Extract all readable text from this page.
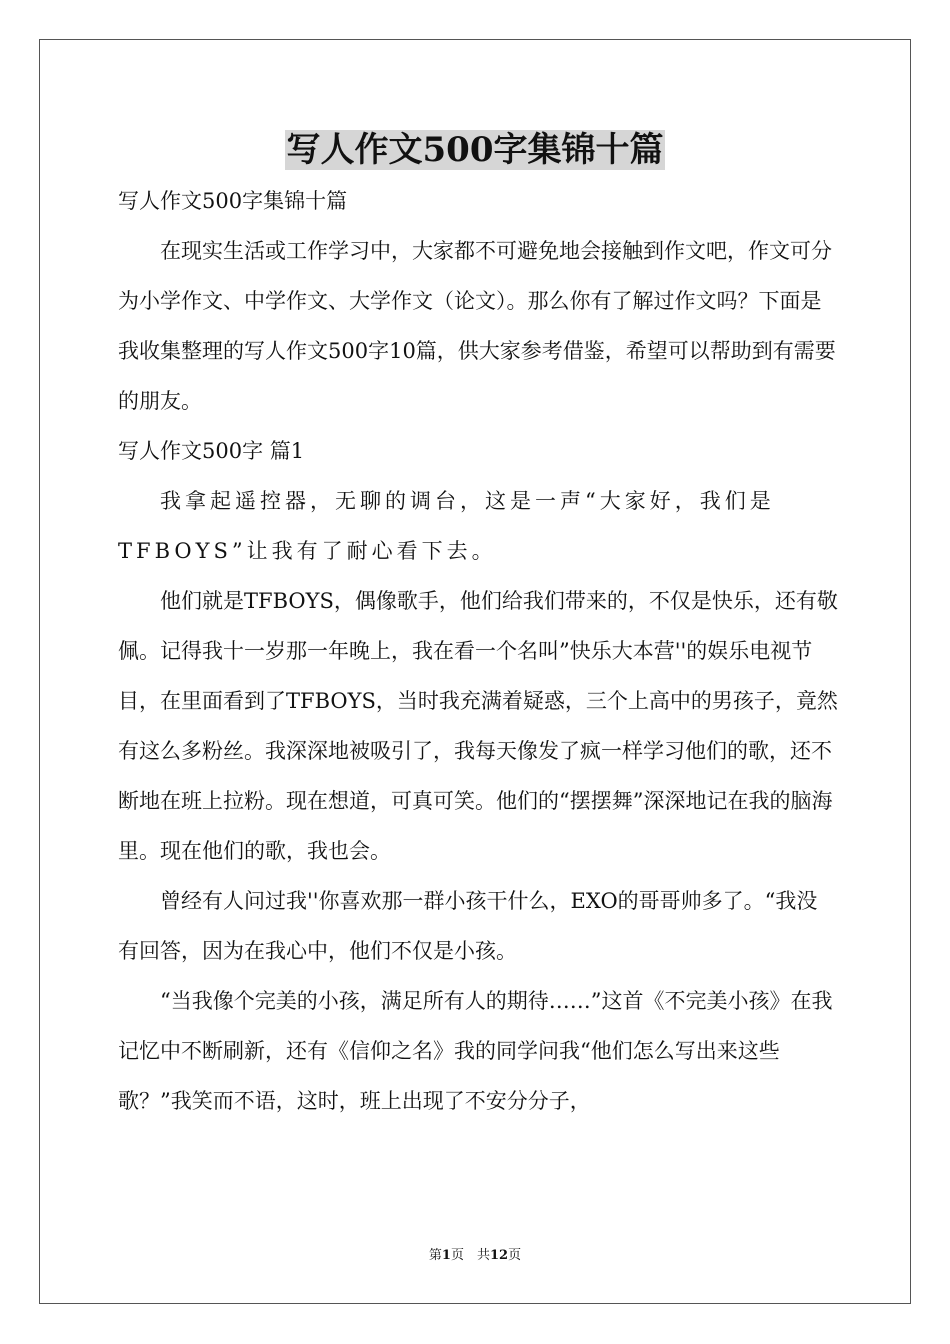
写人作文500字集锦十篇

写人作文500字集锦十篇

在现实生活或工作学习中，大家都不可避免地会接触到作文吧，作文可分为小学作文、中学作文、大学作文（论文）。那么你有了解过作文吗？下面是我收集整理的写人作文500字10篇，供大家参考借鉴，希望可以帮助到有需要的朋友。

写人作文500字 篇1

我拿起遥控器，无聊的调台，这是一声“大家好，我们是TFBOYS”让我有了耐心看下去。

他们就是TFBOYS，偶像歌手，他们给我们带来的，不仅是快乐，还有敬佩。记得我十一岁那一年晚上，我在看一个名叫”快乐大本营''的娱乐电视节目，在里面看到了TFBOYS，当时我充满着疑惑，三个上高中的男孩子，竟然有这么多粉丝。我深深地被吸引了，我每天像发了疯一样学习他们的歌，还不断地在班上拉粉。现在想道，可真可笑。他们的“摆摆舞”深深地记在我的脑海里。现在他们的歌，我也会。

曾经有人问过我''你喜欢那一群小孩干什么，EXO的哥哥帅多了。“我没有回答，因为在我心中，他们不仅是小孩。

“当我像个完美的小孩，满足所有人的期待……”这首《不完美小孩》在我记忆中不断刷新，还有《信仰之名》我的同学问我“他们怎么写出来这些歌？”我笑而不语，这时，班上出现了不安分分子，

第1页　共12页
